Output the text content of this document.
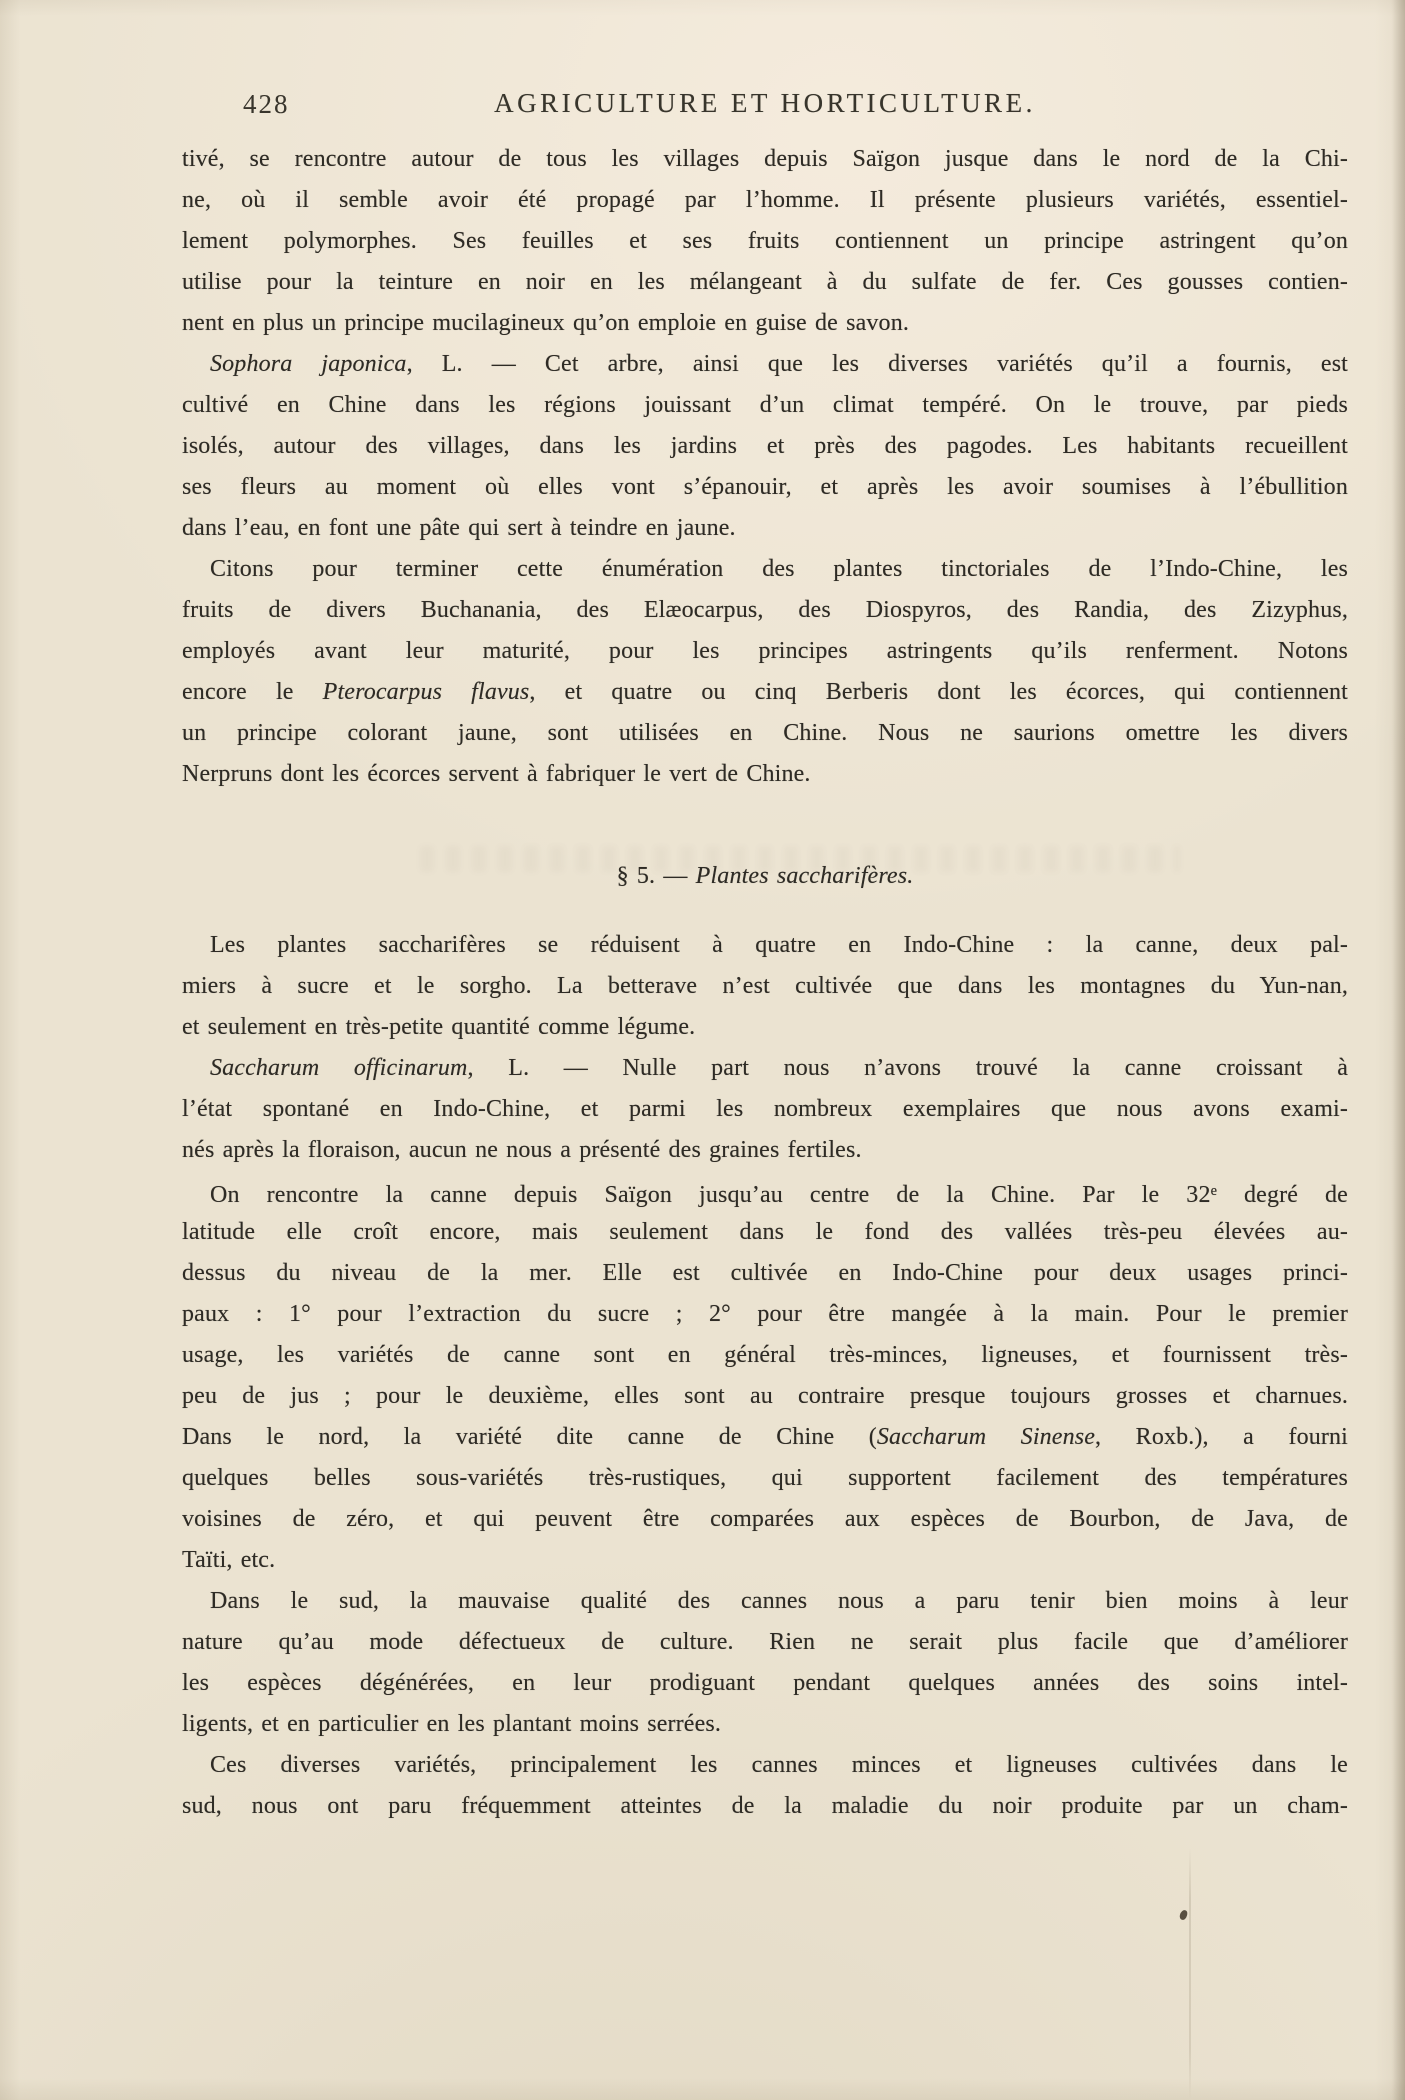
428	AGRICULTURE ET HORTICULTURE.
tivé, se rencontre autour de tous les villages depuis Saïgon jusque dans le nord de la Chi-
ne, où il semble avoir été propagé par l’homme. Il présente plusieurs variétés, essentiel-
lement polymorphes. Ses feuilles et ses fruits contiennent un principe astringent qu’on
utilise pour la teinture en noir en les mélangeant à du sulfate de fer. Ces gousses contien-
nent en plus un principe mucilagineux qu’on emploie en guise de savon.
Sophora japonica, L. — Cet arbre, ainsi que les diverses variétés qu’il a fournis, est
cultivé en Chine dans les régions jouissant d’un climat tempéré. On le trouve, par pieds
isolés, autour des villages, dans les jardins et près des pagodes. Les habitants recueillent
ses fleurs au moment où elles vont s’épanouir, et après les avoir soumises à l’ébullition
dans l’eau, en font une pâte qui sert à teindre en jaune.
Citons pour terminer cette énumération des plantes tinctoriales de l’Indo-Chine, les
fruits de divers Buchanania, des Elæocarpus, des Diospyros, des Randia, des Zizyphus,
employés avant leur maturité, pour les principes astringents qu’ils renferment. Notons
encore le Pterocarpus flavus, et quatre ou cinq Berberis dont les écorces, qui contiennent
un principe colorant jaune, sont utilisées en Chine. Nous ne saurions omettre les divers
Nerpruns dont les écorces servent à fabriquer le vert de Chine.
§ 5. — Plantes saccharifères.
Les plantes saccharifères se réduisent à quatre en Indo-Chine : la canne, deux pal-
miers à sucre et le sorgho. La betterave n’est cultivée que dans les montagnes du Yun-nan,
et seulement en très-petite quantité comme légume.
Saccharum officinarum, L. — Nulle part nous n’avons trouvé la canne croissant à
l’état spontané en Indo-Chine, et parmi les nombreux exemplaires que nous avons exami-
nés après la floraison, aucun ne nous a présenté des graines fertiles.
On rencontre la canne depuis Saïgon jusqu’au centre de la Chine. Par le 32e degré de
latitude elle croît encore, mais seulement dans le fond des vallées très-peu élevées au-
dessus du niveau de la mer. Elle est cultivée en Indo-Chine pour deux usages princi-
paux : 1° pour l’extraction du sucre ; 2° pour être mangée à la main. Pour le premier
usage, les variétés de canne sont en général très-minces, ligneuses, et fournissent très-
peu de jus ; pour le deuxième, elles sont au contraire presque toujours grosses et charnues.
Dans le nord, la variété dite canne de Chine (Saccharum Sinense, Roxb.), a fourni
quelques belles sous-variétés très-rustiques, qui supportent facilement des températures
voisines de zéro, et qui peuvent être comparées aux espèces de Bourbon, de Java, de
Taïti, etc.
Dans le sud, la mauvaise qualité des cannes nous a paru tenir bien moins à leur
nature qu’au mode défectueux de culture. Rien ne serait plus facile que d’améliorer
les espèces dégénérées, en leur prodiguant pendant quelques années des soins intel-
ligents, et en particulier en les plantant moins serrées.
Ces diverses variétés, principalement les cannes minces et ligneuses cultivées dans le
sud, nous ont paru fréquemment atteintes de la maladie du noir produite par un cham-
